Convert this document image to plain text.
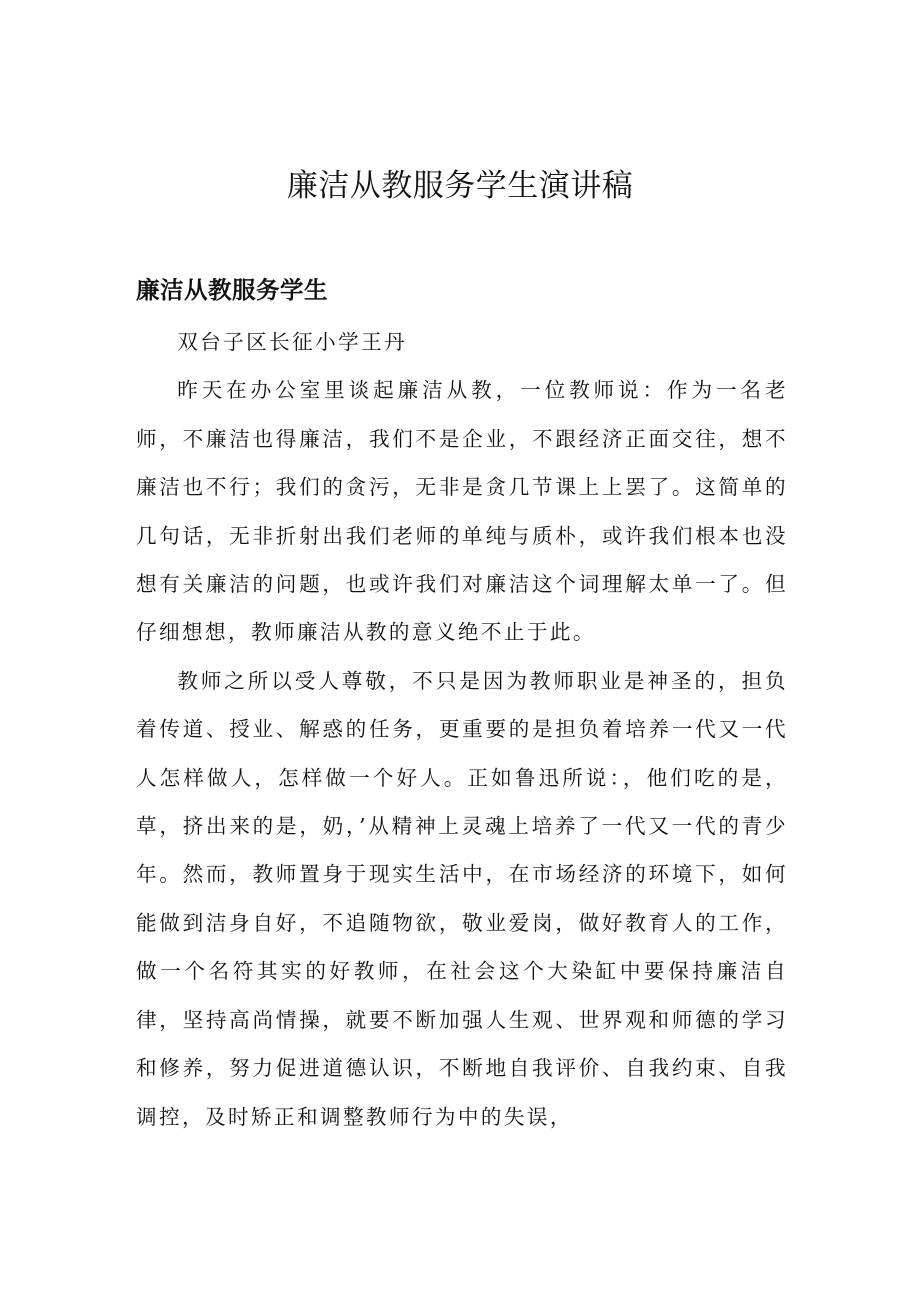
廉洁从教服务学生演讲稿
廉洁从教服务学生

双台子区长征小学王丹

昨天在办公室里谈起廉洁从教，一位教师说：作为一名老师，不廉洁也得廉洁，我们不是企业，不跟经济正面交往，想不廉洁也不行；我们的贪污，无非是贪几节课上上罢了。这简单的几句话，无非折射出我们老师的单纯与质朴，或许我们根本也没想有关廉洁的问题，也或许我们对廉洁这个词理解太单一了。但仔细想想，教师廉洁从教的意义绝不止于此。

教师之所以受人尊敬，不只是因为教师职业是神圣的，担负着传道、授业、解惑的任务，更重要的是担负着培养一代又一代人怎样做人，怎样做一个好人。正如鲁迅所说：，他们吃的是，草，挤出来的是，奶，’从精神上灵魂上培养了一代又一代的青少年。然而，教师置身于现实生活中，在市场经济的环境下，如何能做到洁身自好，不追随物欲，敬业爱岗，做好教育人的工作，做一个名符其实的好教师，在社会这个大染缸中要保持廉洁自律，坚持高尚情操，就要不断加强人生观、世界观和师德的学习和修养，努力促进道德认识，不断地自我评价、自我约束、自我调控，及时矫正和调整教师行为中的失误，
